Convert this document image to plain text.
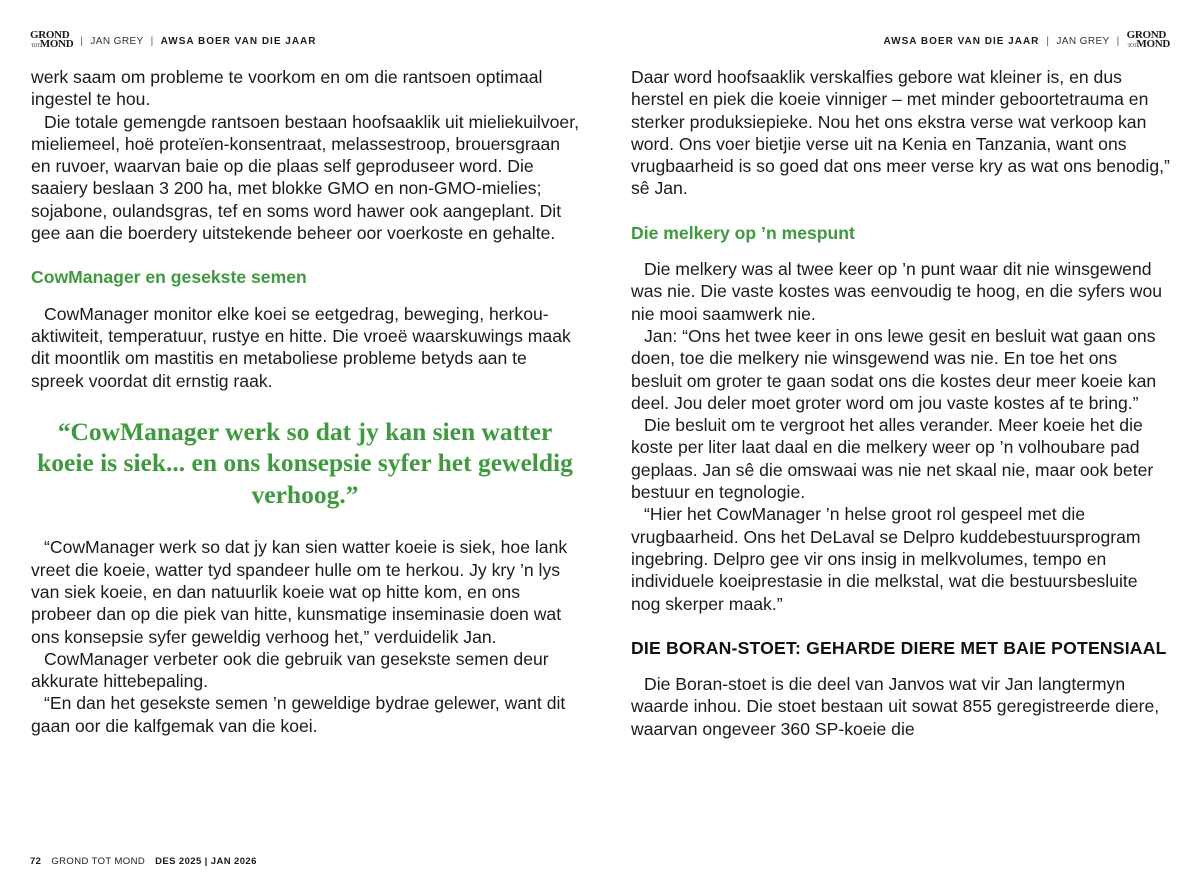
GROND
TOTMOND | JAN GREY | AWSA BOER VAN DIE JAAR	AWSA BOER VAN DIE JAAR | JAN GREY | GROND
TOTMOND

werk saam om probleme te voorkom en om die rantsoen optimaal ingestel te hou.

Die totale gemengde rantsoen bestaan hoofsaaklik uit mieliekuilvoer, mieliemeel, hoë proteïen-konsentraat, melassestroop, brouersgraan en ruvoer, waarvan baie op die plaas self geproduseer word. Die saaiery beslaan 3 200 ha, met blokke GMO en non-GMO-mielies; sojabone, oulandsgras, tef en soms word hawer ook aangeplant. Dit gee aan die boerdery uitstekende beheer oor voerkoste en gehalte.

CowManager en gesekste semen

CowManager monitor elke koei se eetgedrag, beweging, herkou-aktiwiteit, temperatuur, rustye en hitte. Die vroeë waarskuwings maak dit moontlik om mastitis en metaboliese probleme betyds aan te spreek voordat dit ernstig raak.

“CowManager werk so dat jy kan sien watter koeie is siek... en ons konsepsie syfer het geweldig verhoog.”

“CowManager werk so dat jy kan sien watter koeie is siek, hoe lank vreet die koeie, watter tyd spandeer hulle om te herkou. Jy kry ’n lys van siek koeie, en dan natuurlik koeie wat op hitte kom, en ons probeer dan op die piek van hitte, kunsmatige inseminasie doen wat ons konsepsie syfer geweldig verhoog het,” verduidelik Jan.

CowManager verbeter ook die gebruik van gesekste semen deur akkurate hittebepaling.

“En dan het gesekste semen ’n geweldige bydrae gelewer, want dit gaan oor die kalfgemak van die koei.

Daar word hoofsaaklik verskalfies gebore wat kleiner is, en dus herstel en piek die koeie vinniger – met minder geboortetrauma en sterker produksiepieke. Nou het ons ekstra verse wat verkoop kan word. Ons voer bietjie verse uit na Kenia en Tanzania, want ons vrugbaarheid is so goed dat ons meer verse kry as wat ons benodig,” sê Jan.

Die melkery op ’n mespunt

Die melkery was al twee keer op ’n punt waar dit nie winsgewend was nie. Die vaste kostes was eenvoudig te hoog, en die syfers wou nie mooi saamwerk nie.

Jan: “Ons het twee keer in ons lewe gesit en besluit wat gaan ons doen, toe die melkery nie winsgewend was nie. En toe het ons besluit om groter te gaan sodat ons die kostes deur meer koeie kan deel. Jou deler moet groter word om jou vaste kostes af te bring.”

Die besluit om te vergroot het alles verander. Meer koeie het die koste per liter laat daal en die melkery weer op ’n volhoubare pad geplaas. Jan sê die omswaai was nie net skaal nie, maar ook beter bestuur en tegnologie.

“Hier het CowManager ’n helse groot rol gespeel met die vrugbaarheid. Ons het DeLaval se Delpro kuddebestuursprogram ingebring. Delpro gee vir ons insig in melkvolumes, tempo en individuele koeiprestasie in die melkstal, wat die bestuursbesluite nog skerper maak.”

DIE BORAN-STOET: GEHARDE DIERE MET BAIE POTENSIAAL

Die Boran-stoet is die deel van Janvos wat vir Jan langtermyn waarde inhou. Die stoet bestaan uit sowat 855 geregistreerde diere, waarvan ongeveer 360 SP-koeie die

72 GROND TOT MOND DES 2025 | JAN 2026
